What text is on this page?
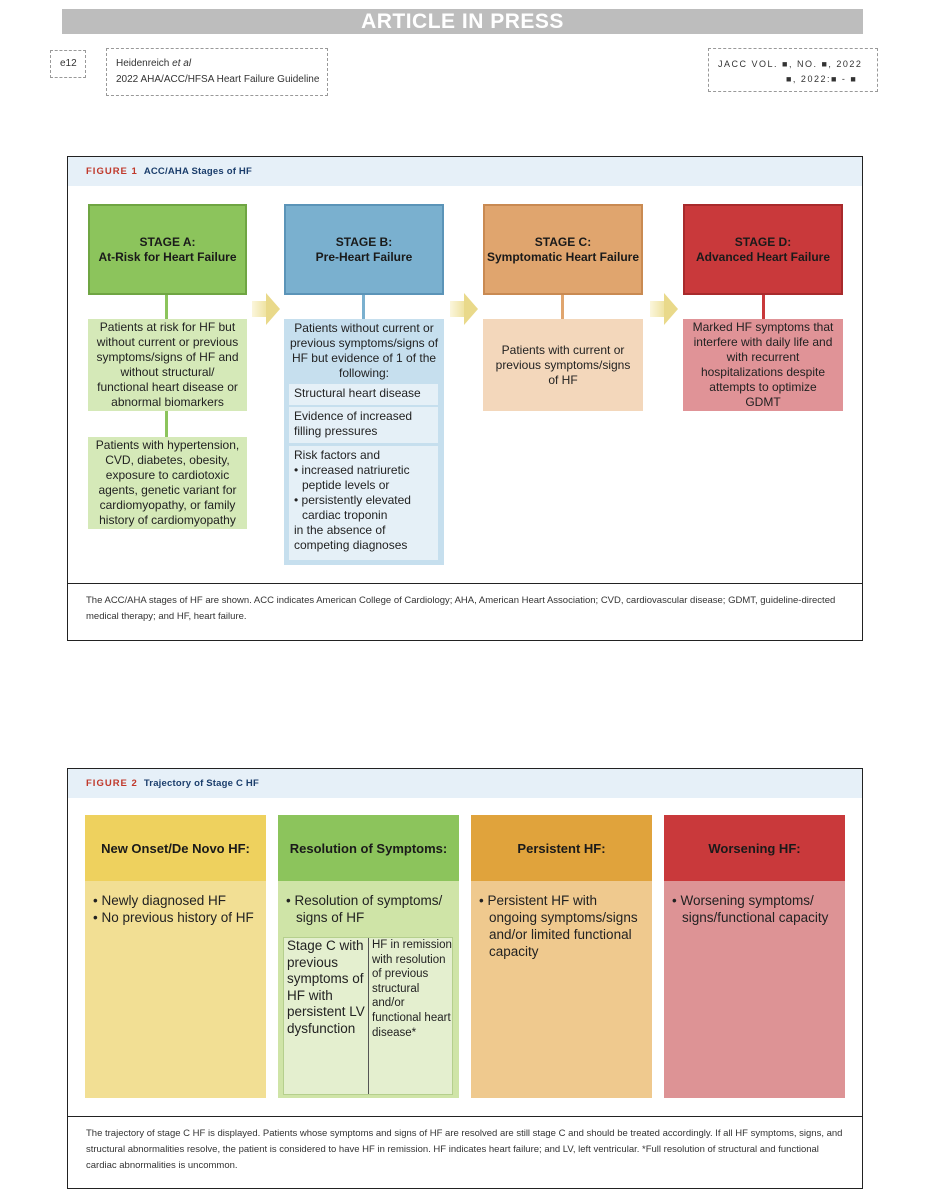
ARTICLE IN PRESS
e12	Heidenreich et al
2022 AHA/ACC/HFSA Heart Failure Guideline
JACC VOL. ■, NO. ■, 2022
■, 2022:■ - ■
FIGURE 1 ACC/AHA Stages of HF
STAGE A:
At-Risk for Heart Failure
STAGE B:
Pre-Heart Failure
STAGE C:
Symptomatic Heart Failure
STAGE D:
Advanced Heart Failure
Patients at risk for HF but without current or previous symptoms/signs of HF and without structural/ functional heart disease or abnormal biomarkers
Patients with hypertension, CVD, diabetes, obesity, exposure to cardiotoxic agents, genetic variant for cardiomyopathy, or family history of cardiomyopathy
Patients without current or previous symptoms/signs of HF but evidence of 1 of the following:
Structural heart disease
Evidence of increased filling pressures
Risk factors and
• increased natriuretic peptide levels or
• persistently elevated cardiac troponin
in the absence of competing diagnoses
Patients with current or previous symptoms/signs of HF
Marked HF symptoms that interfere with daily life and with recurrent hospitalizations despite attempts to optimize GDMT
The ACC/AHA stages of HF are shown. ACC indicates American College of Cardiology; AHA, American Heart Association; CVD, cardiovascular disease; GDMT, guideline-directed medical therapy; and HF, heart failure.
FIGURE 2 Trajectory of Stage C HF
New Onset/De Novo HF:
• Newly diagnosed HF
• No previous history of HF
Resolution of Symptoms:
• Resolution of symptoms/ signs of HF
Stage C with previous symptoms of HF with persistent LV dysfunction
HF in remission with resolution of previous structural and/or functional heart disease*
Persistent HF:
• Persistent HF with ongoing symptoms/signs and/or limited functional capacity
Worsening HF:
• Worsening symptoms/ signs/functional capacity
The trajectory of stage C HF is displayed. Patients whose symptoms and signs of HF are resolved are still stage C and should be treated accordingly. If all HF symptoms, signs, and structural abnormalities resolve, the patient is considered to have HF in remission. HF indicates heart failure; and LV, left ventricular. *Full resolution of structural and functional cardiac abnormalities is uncommon.
